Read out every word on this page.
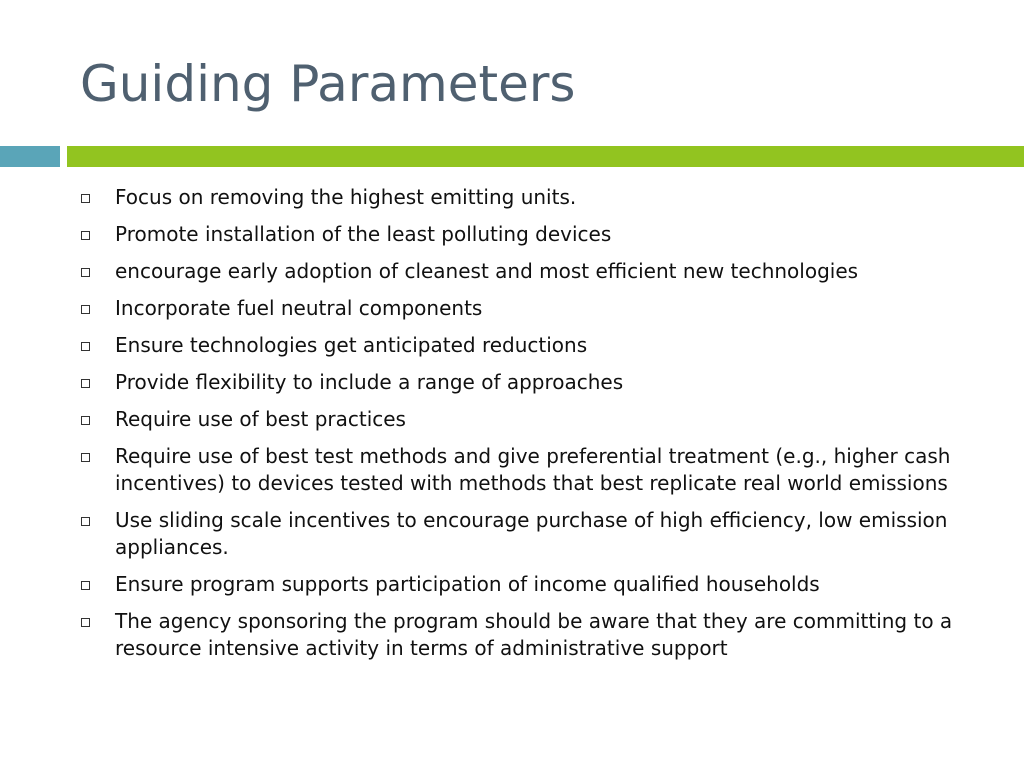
Guiding Parameters
Focus on removing the highest emitting units.
Promote installation of the least polluting devices
encourage early adoption of cleanest and most efficient new technologies
Incorporate fuel neutral components
Ensure technologies get anticipated reductions
Provide flexibility to include a range of approaches
Require use of best practices
Require use of best test methods and give preferential treatment (e.g., higher cash incentives) to devices tested with methods that best replicate real world emissions
Use sliding scale incentives to encourage purchase of high efficiency, low emission appliances.
Ensure program supports participation of income qualified households
The agency sponsoring the program should be aware that they are committing to a resource intensive activity in terms of administrative support
